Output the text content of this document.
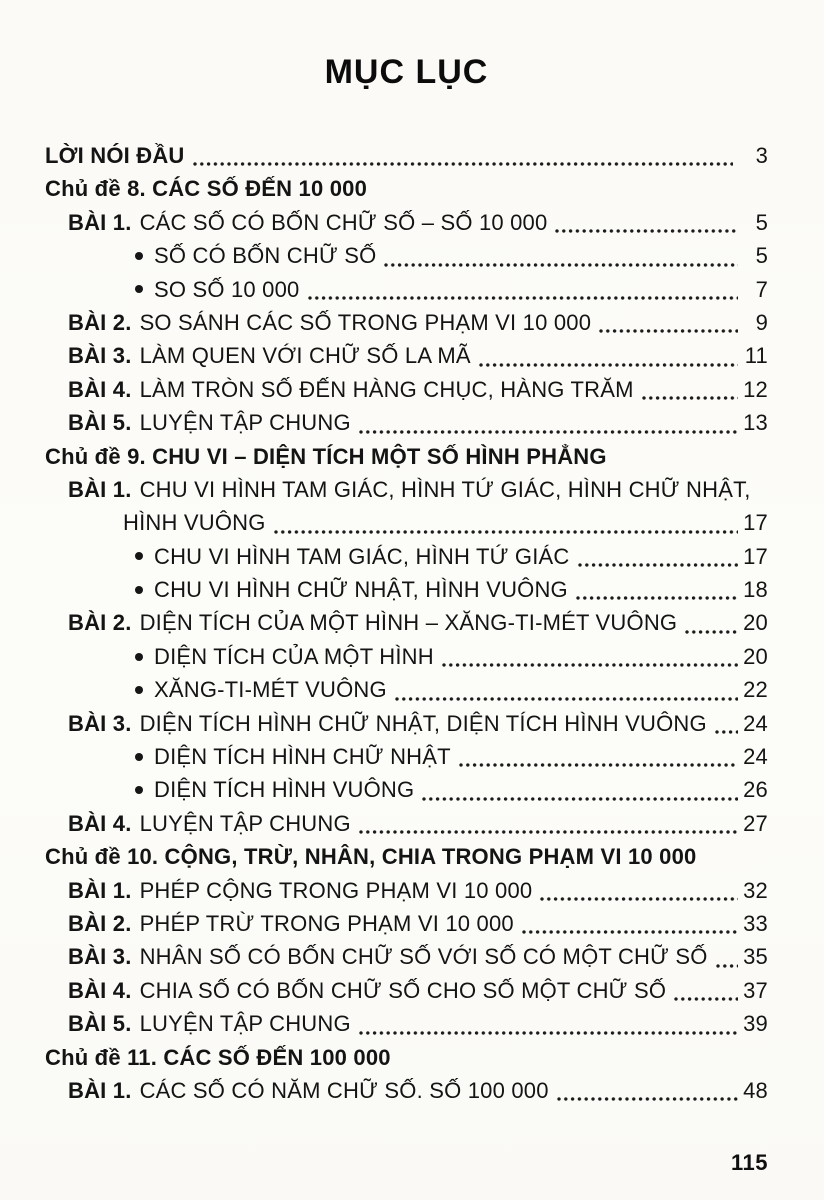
MỤC LỤC
LỜI NÓI ĐẦU	3
Chủ đề 8. CÁC SỐ ĐẾN 10 000
BÀI 1. CÁC SỐ CÓ BỐN CHỮ SỐ – SỐ 10 000	5
SỐ CÓ BỐN CHỮ SỐ	5
SO SỐ 10 000	7
BÀI 2. SO SÁNH CÁC SỐ TRONG PHẠM VI 10 000	9
BÀI 3. LÀM QUEN VỚI CHỮ SỐ LA MÃ	11
BÀI 4. LÀM TRÒN SỐ ĐẾN HÀNG CHỤC, HÀNG TRĂM	12
BÀI 5. LUYỆN TẬP CHUNG	13
Chủ đề 9. CHU VI – DIỆN TÍCH MỘT SỐ HÌNH PHẲNG
BÀI 1. CHU VI HÌNH TAM GIÁC, HÌNH TỨ GIÁC, HÌNH CHỮ NHẬT,
HÌNH VUÔNG	17
CHU VI HÌNH TAM GIÁC, HÌNH TỨ GIÁC	17
CHU VI HÌNH CHỮ NHẬT, HÌNH VUÔNG	18
BÀI 2. DIỆN TÍCH CỦA MỘT HÌNH – XĂNG-TI-MÉT VUÔNG	20
DIỆN TÍCH CỦA MỘT HÌNH	20
XĂNG-TI-MÉT VUÔNG	22
BÀI 3. DIỆN TÍCH HÌNH CHỮ NHẬT, DIỆN TÍCH HÌNH VUÔNG 24
DIỆN TÍCH HÌNH CHỮ NHẬT	24
DIỆN TÍCH HÌNH VUÔNG	26
BÀI 4. LUYỆN TẬP CHUNG	27
Chủ đề 10. CỘNG, TRỪ, NHÂN, CHIA TRONG PHẠM VI 10 000
BÀI 1. PHÉP CỘNG TRONG PHẠM VI 10 000	32
BÀI 2. PHÉP TRỪ TRONG PHẠM VI 10 000	33
BÀI 3. NHÂN SỐ CÓ BỐN CHỮ SỐ VỚI SỐ CÓ MỘT CHỮ SỐ 35
BÀI 4. CHIA SỐ CÓ BỐN CHỮ SỐ CHO SỐ MỘT CHỮ SỐ	37
BÀI 5. LUYỆN TẬP CHUNG	39
Chủ đề 11. CÁC SỐ ĐẾN 100 000
BÀI 1. CÁC SỐ CÓ NĂM CHỮ SỐ. SỐ 100 000	48
115
